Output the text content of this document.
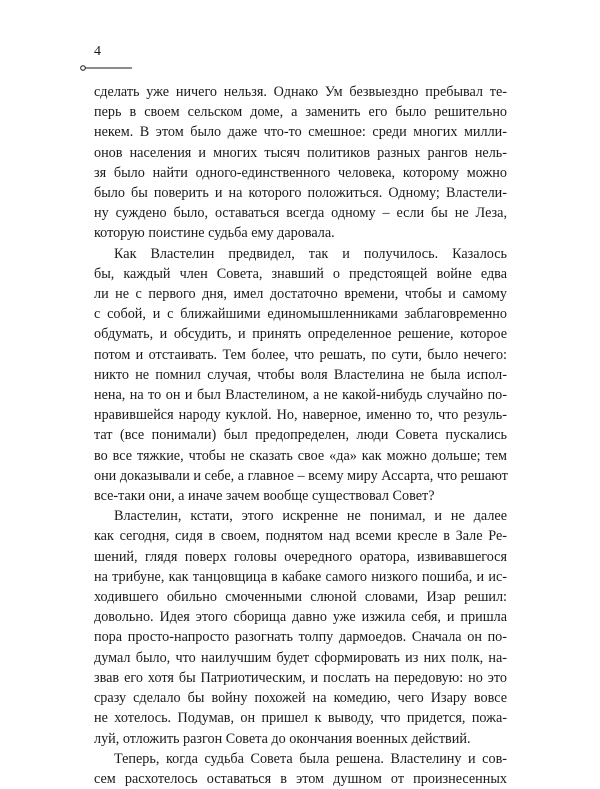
4
сделать уже ничего нельзя. Однако Ум безвыездно пребывал те-
перь в своем сельском доме, а заменить его было решительно
некем. В этом было даже что-то смешное: среди многих милли-
онов населения и многих тысяч политиков разных рангов нель-
зя было найти одного-единственного человека, которому можно
было бы поверить и на которого положиться. Одному; Властели-
ну суждено было, оставаться всегда одному – если бы не Леза,
которую поистине судьба ему даровала.
Как Властелин предвидел, так и получилось. Казалось
бы, каждый член Совета, знавший о предстоящей войне едва
ли не с первого дня, имел достаточно времени, чтобы и самому
с собой, и с ближайшими единомышленниками заблаговременно
обдумать, и обсудить, и принять определенное решение, которое
потом и отстаивать. Тем более, что решать, по сути, было нечего:
никто не помнил случая, чтобы воля Властелина не была испол-
нена, на то он и был Властелином, а не какой-нибудь случайно по-
нравившейся народу куклой. Но, наверное, именно то, что резуль-
тат (все понимали) был предопределен, люди Совета пускались
во все тяжкие, чтобы не сказать свое «да» как можно дольше; тем
они доказывали и себе, а главное – всему миру Ассарта, что решают
все-таки они, а иначе зачем вообще существовал Совет?
Властелин, кстати, этого искренне не понимал, и не далее
как сегодня, сидя в своем, поднятом над всеми кресле в Зале Ре-
шений, глядя поверх головы очередного оратора, извивавшегося
на трибуне, как танцовщица в кабаке самого низкого пошиба, и ис-
ходившего обильно смоченными слюной словами, Изар решил:
довольно. Идея этого сборища давно уже изжила себя, и пришла
пора просто-напросто разогнать толпу дармоедов. Сначала он по-
думал было, что наилучшим будет сформировать из них полк, на-
звав его хотя бы Патриотическим, и послать на передовую: но это
сразу сделало бы войну похожей на комедию, чего Изару вовсе
не хотелось. Подумав, он пришел к выводу, что придется, пожа-
луй, отложить разгон Совета до окончания военных действий.
Теперь, когда судьба Совета была решена. Властелину и сов-
сем расхотелось оставаться в этом душном от произнесенных
